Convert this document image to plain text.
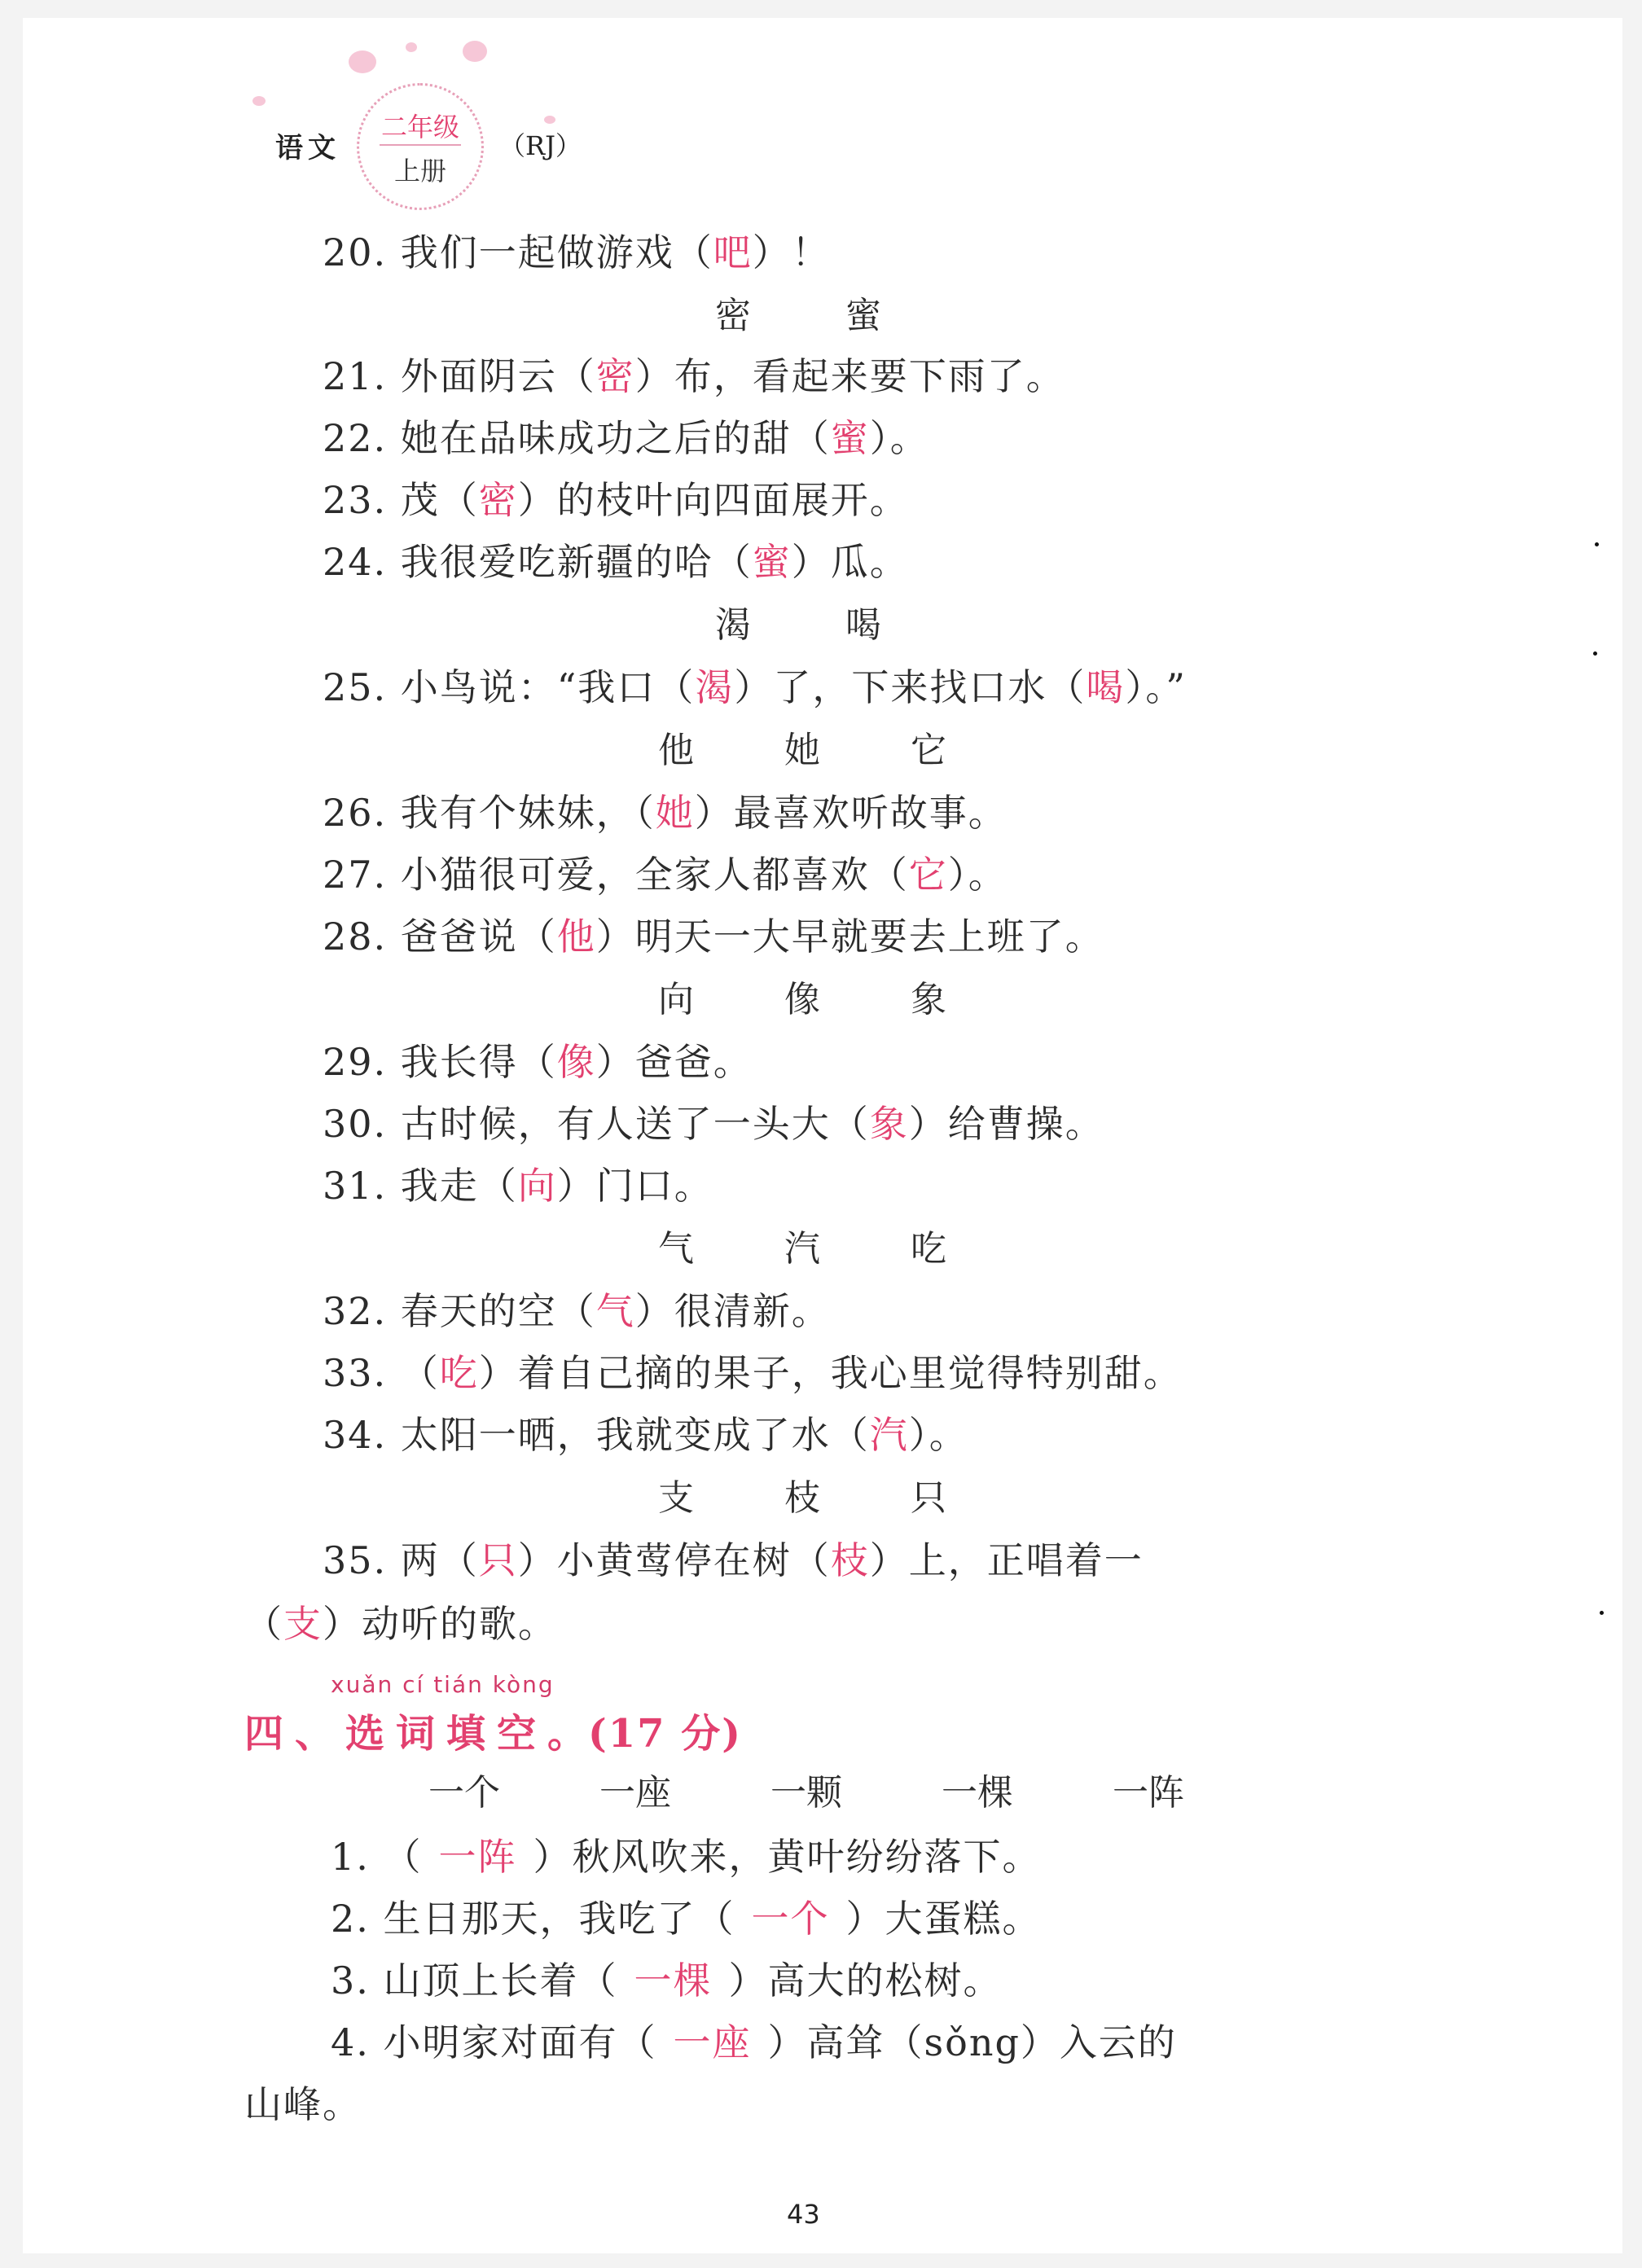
语文
二年级
上册
（RJ）
20. 我们一起做游戏（吧）！
密	蜜
21. 外面阴云（密）布，看起来要下雨了。
22. 她在品味成功之后的甜（蜜）。
23. 茂（密）的枝叶向四面展开。
24. 我很爱吃新疆的哈（蜜）瓜。
渴	喝
25. 小鸟说：“我口（渴）了，下来找口水（喝）。”
他	她	它
26. 我有个妹妹，（她）最喜欢听故事。
27. 小猫很可爱，全家人都喜欢（它）。
28. 爸爸说（他）明天一大早就要去上班了。
向	像	象
29. 我长得（像）爸爸。
30. 古时候，有人送了一头大（象）给曹操。
31. 我走（向）门口。
气	汽	吃
32. 春天的空（气）很清新。
33. （吃）着自己摘的果子，我心里觉得特别甜。
34. 太阳一晒，我就变成了水（汽）。
支	枝	只
35. 两（只）小黄莺停在树（枝）上，正唱着一
（支）动听的歌。
xuǎn cí tián kòng
四、选词填空。(17 分)
一个	一座	一颗	一棵	一阵
1. （ 一阵 ）秋风吹来，黄叶纷纷落下。
2. 生日那天，我吃了（ 一个 ）大蛋糕。
3. 山顶上长着（ 一棵 ）高大的松树。
4. 小明家对面有（ 一座 ）高耸（sǒng）入云的
山峰。
43
